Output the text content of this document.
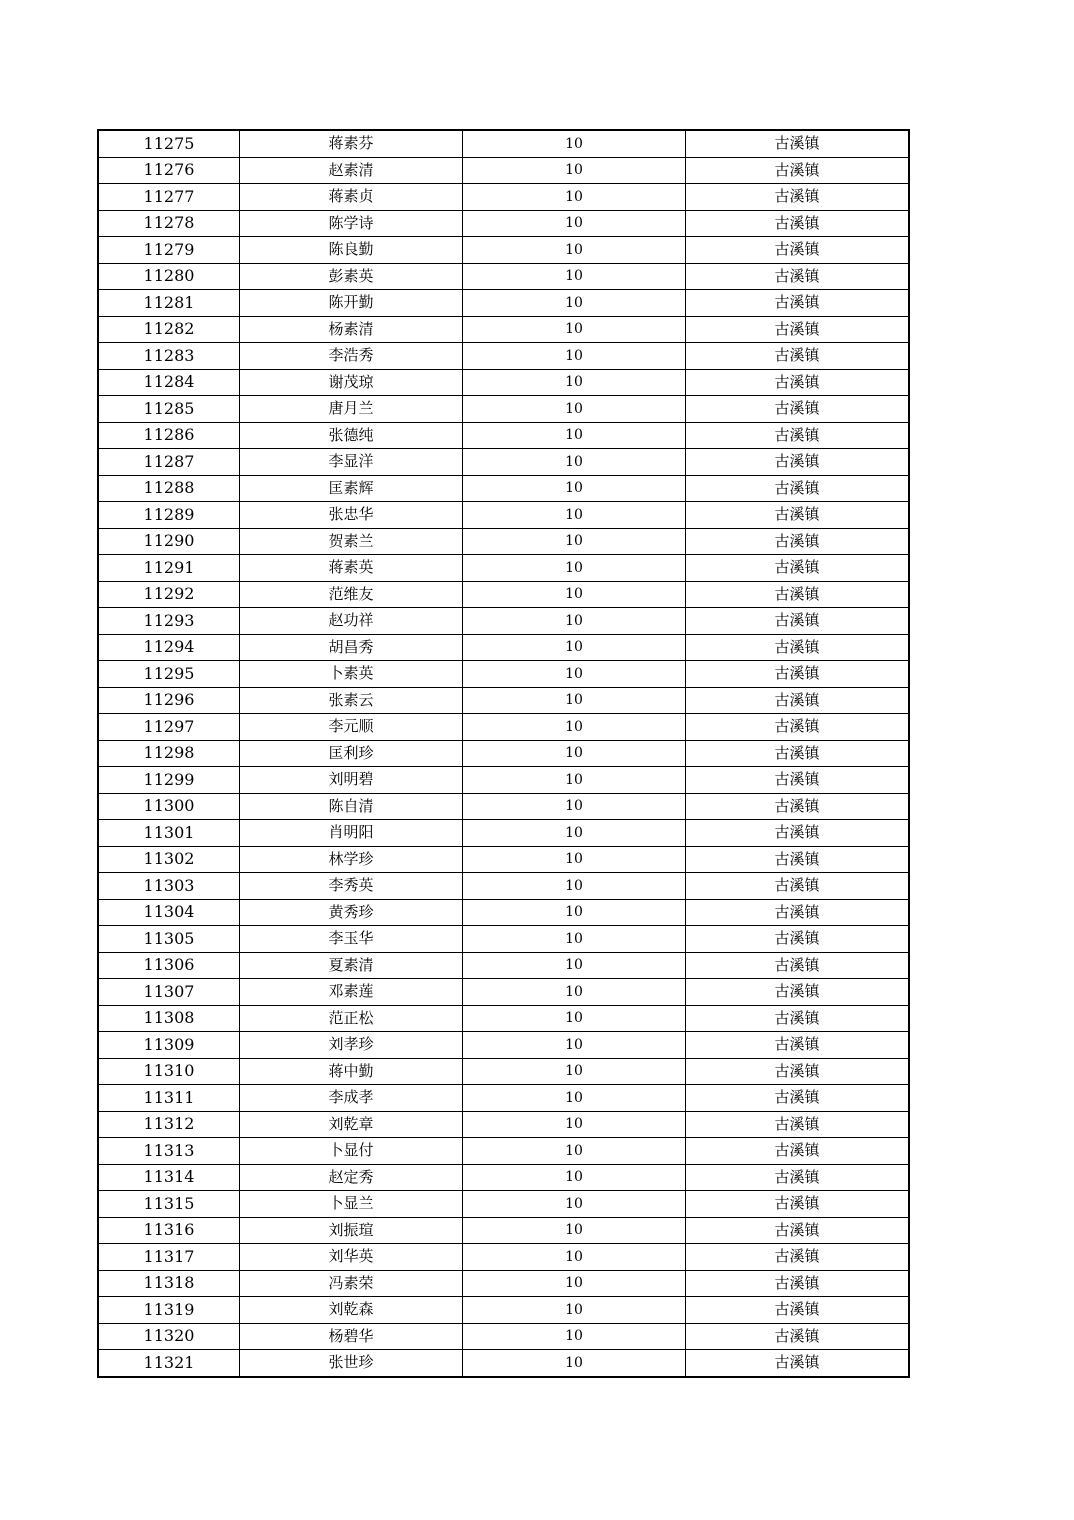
11275	蒋素芬	10	古溪镇
11276	赵素清	10	古溪镇
11277	蒋素贞	10	古溪镇
11278	陈学诗	10	古溪镇
11279	陈良勤	10	古溪镇
11280	彭素英	10	古溪镇
11281	陈开勤	10	古溪镇
11282	杨素清	10	古溪镇
11283	李浩秀	10	古溪镇
11284	谢茂琼	10	古溪镇
11285	唐月兰	10	古溪镇
11286	张德纯	10	古溪镇
11287	李显洋	10	古溪镇
11288	匡素辉	10	古溪镇
11289	张忠华	10	古溪镇
11290	贺素兰	10	古溪镇
11291	蒋素英	10	古溪镇
11292	范维友	10	古溪镇
11293	赵功祥	10	古溪镇
11294	胡昌秀	10	古溪镇
11295	卜素英	10	古溪镇
11296	张素云	10	古溪镇
11297	李元顺	10	古溪镇
11298	匡利珍	10	古溪镇
11299	刘明碧	10	古溪镇
11300	陈自清	10	古溪镇
11301	肖明阳	10	古溪镇
11302	林学珍	10	古溪镇
11303	李秀英	10	古溪镇
11304	黄秀珍	10	古溪镇
11305	李玉华	10	古溪镇
11306	夏素清	10	古溪镇
11307	邓素莲	10	古溪镇
11308	范正松	10	古溪镇
11309	刘孝珍	10	古溪镇
11310	蒋中勤	10	古溪镇
11311	李成孝	10	古溪镇
11312	刘乾章	10	古溪镇
11313	卜显付	10	古溪镇
11314	赵定秀	10	古溪镇
11315	卜显兰	10	古溪镇
11316	刘振瑄	10	古溪镇
11317	刘华英	10	古溪镇
11318	冯素荣	10	古溪镇
11319	刘乾森	10	古溪镇
11320	杨碧华	10	古溪镇
11321	张世珍	10	古溪镇
